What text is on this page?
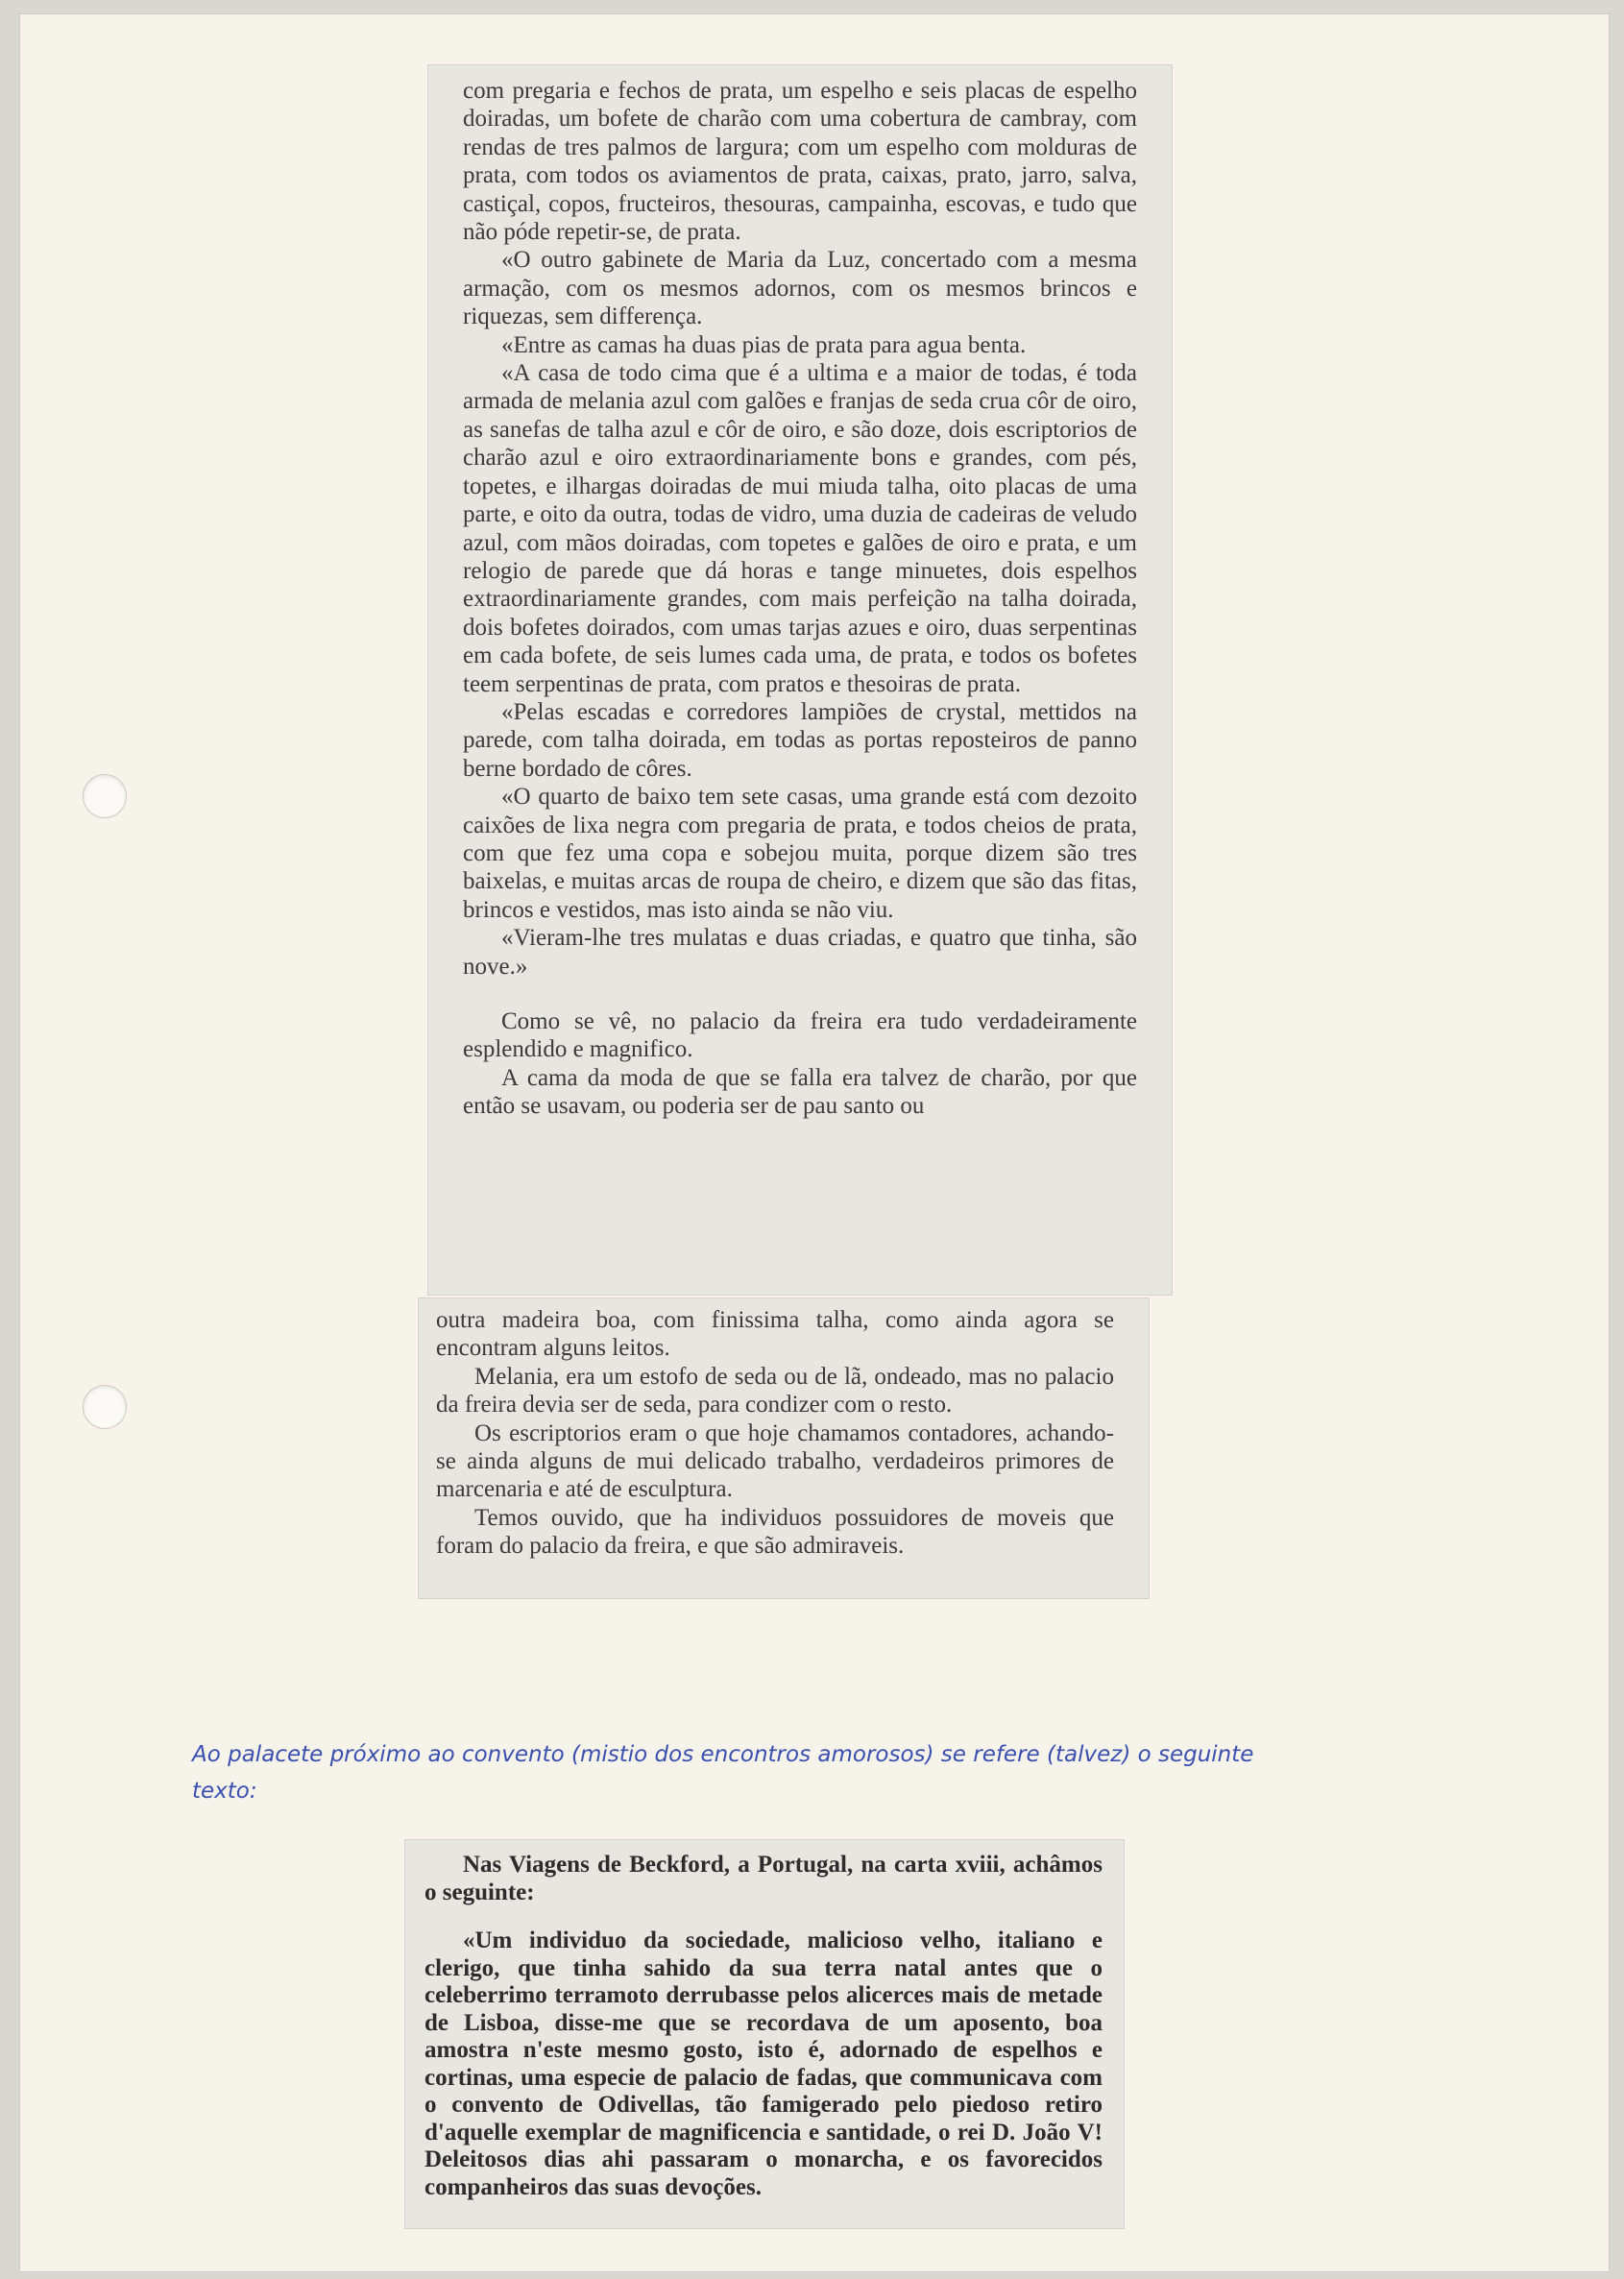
com pregaria e fechos de prata, um espelho e seis placas de espelho doiradas, um bofete de charão com uma cobertura de cambray, com rendas de tres palmos de largura; com um espelho com molduras de prata, com todos os aviamentos de prata, caixas, prato, jarro, salva, castiçal, copos, fructeiros, thesouras, campainha, escovas, e tudo que não póde repetir-se, de prata.

«O outro gabinete de Maria da Luz, concertado com a mesma armação, com os mesmos adornos, com os mesmos brincos e riquezas, sem differença.

«Entre as camas ha duas pias de prata para agua benta.

«A casa de todo cima que é a ultima e a maior de todas, é toda armada de melania azul com galões e franjas de seda crua côr de oiro, as sanefas de talha azul e côr de oiro, e são doze, dois escriptorios de charão azul e oiro extraordinariamente bons e grandes, com pés, topetes, e ilhargas doiradas de mui miuda talha, oito placas de uma parte, e oito da outra, todas de vidro, uma duzia de cadeiras de veludo azul, com mãos doiradas, com topetes e galões de oiro e prata, e um relogio de parede que dá horas e tange minuetes, dois espelhos extraordinariamente grandes, com mais perfeição na talha doirada, dois bofetes doirados, com umas tarjas azues e oiro, duas serpentinas em cada bofete, de seis lumes cada uma, de prata, e todos os bofetes teem serpentinas de prata, com pratos e thesoiras de prata.

«Pelas escadas e corredores lampiões de crystal, mettidos na parede, com talha doirada, em todas as portas reposteiros de panno berne bordado de côres.

«O quarto de baixo tem sete casas, uma grande está com dezoito caixões de lixa negra com pregaria de prata, e todos cheios de prata, com que fez uma copa e sobejou muita, porque dizem são tres baixelas, e muitas arcas de roupa de cheiro, e dizem que são das fitas, brincos e vestidos, mas isto ainda se não viu.

«Vieram-lhe tres mulatas e duas criadas, e quatro que tinha, são nove.»

Como se vê, no palacio da freira era tudo verdadeiramente esplendido e magnifico.

A cama da moda de que se falla era talvez de charão, por que então se usavam, ou poderia ser de pau santo ou

outra madeira boa, com finissima talha, como ainda agora se encontram alguns leitos.

Melania, era um estofo de seda ou de lã, ondeado, mas no palacio da freira devia ser de seda, para condizer com o resto.

Os escriptorios eram o que hoje chamamos contadores, achando-se ainda alguns de mui delicado trabalho, verdadeiros primores de marcenaria e até de esculptura.

Temos ouvido, que ha individuos possuidores de moveis que foram do palacio da freira, e que são admiraveis.

Ao palacete próximo ao convento (mistio dos encontros amorosos) se refere (talvez) o seguinte
texto:

Nas Viagens de Beckford, a Portugal, na carta xviii, achâmos o seguinte:

«Um individuo da sociedade, malicioso velho, italiano e clerigo, que tinha sahido da sua terra natal antes que o celeberrimo terramoto derrubasse pelos alicerces mais de metade de Lisboa, disse-me que se recordava de um aposento, boa amostra n'este mesmo gosto, isto é, adornado de espelhos e cortinas, uma especie de palacio de fadas, que communicava com o convento de Odivellas, tão famigerado pelo piedoso retiro d'aquelle exemplar de magnificencia e santidade, o rei D. João V! Deleitosos dias ahi passaram o monarcha, e os favorecidos companheiros das suas devoções.
